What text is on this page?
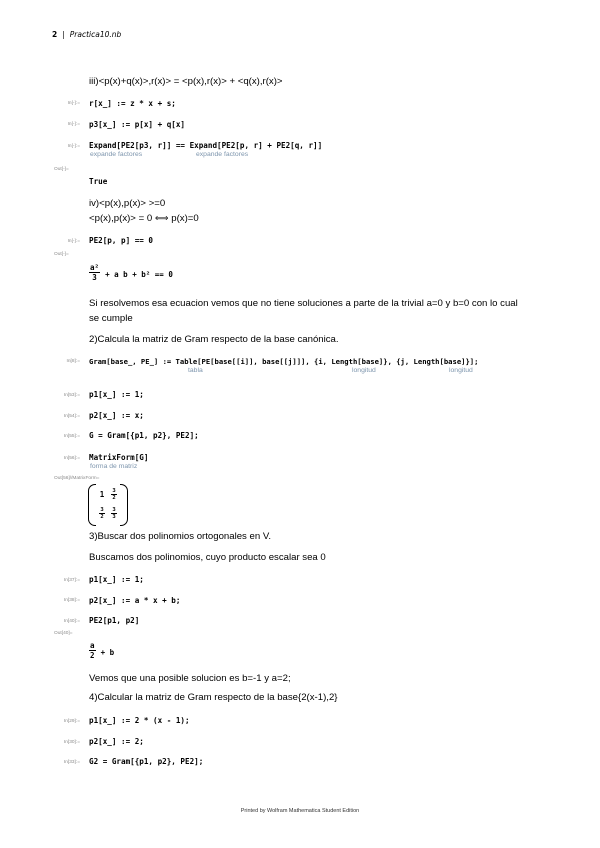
2 | Practica10.nb
iii)<p(x)+q(x)>,r(x)> = <p(x),r(x)> + <q(x),r(x)>
In[-]:= r[x_] := z * x + s;
In[-]:= p3[x_] := p[x] + q[x]
In[-]:= Expand[PE2[p3, r]] == Expand[PE2[p, r] + PE2[q, r]]
expande factores	expande factores
Out[-]=
True
iv)<p(x),p(x)> >=0
<p(x),p(x)> = 0 ⟺ p(x)=0
In[-]:= PE2[p, p] == 0
Out[-]=
$\frac{\text{a²}}{3} + a$ b + b² == 0
Si resolvemos esa ecuacion vemos que no tiene soluciones a parte de la trivial a=0 y b=0 con lo cual
se cumple
2)Calcula la matriz de Gram respecto de la base canónica.
In[8]:= Gram[base_, PE_] := Table[PE[base[[i]], base[[j]]], {i, Length[base]}, {j, Length[base]}];
tabla	longitud	longitud
In[53]:= p1[x_] := 1;
In[54]:= p2[x_] := x;
In[55]:= G = Gram[{p1, p2}, PE2];
In[56]:= MatrixForm[G]
forma de matriz
Out[56]//MatrixForm=
$1 \frac{3}{2}$
$\frac{3}{2} \frac{3}{3}$
3)Buscar dos polinomios ortogonales en V.
Buscamos dos polinomios, cuyo producto escalar sea 0
In[37]:= p1[x_] := 1;
In[38]:= p2[x_] := a * x + b;
In[40]:= PE2[p1, p2]
Out[40]=
$\frac{a}{2} + b$
Vemos que una posible solucion es b=-1 y a=2;
4)Calcular la matriz de Gram respecto de la base{2(x-1),2}
In[29]:= p1[x_] := 2 * (x - 1);
In[30]:= p2[x_] := 2;
In[33]:= G2 = Gram[{p1, p2}, PE2];
Printed by Wolfram Mathematica Student Edition
